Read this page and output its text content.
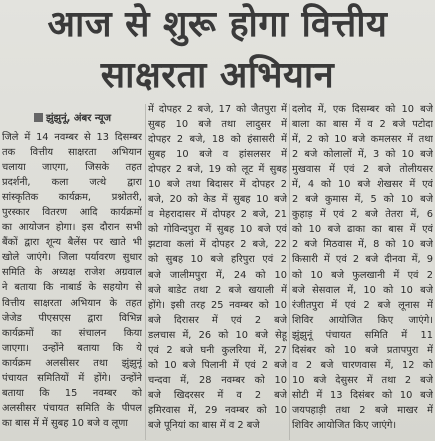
आज से शुरू होगा वित्तीय
साक्षरता अभियान
झुंझुनूं, अंबर न्यूज
जिले में 14 नवम्बर से 13 दिसम्बर
तक वित्तीय साक्षरता अभियान
चलाया जाएगा, जिसके तहत
प्रदर्शनी, कला जत्थे द्वारा
सांस्कृतिक कार्यक्रम, प्रश्नोतरी,
पुरस्कार वितरण आदि कार्यक्रमों
का आयोजन होगा। इस दौरान सभी
बैंकों द्वारा शून्य बैलेंस पर खाते भी
खोले जाएंगे। जिला पर्यावरण सुधार
समिति के अध्यक्ष राजेश अग्रवाल
ने बताया कि नाबार्ड के सहयोग से
वित्तीय साक्षरता अभियान के तहत
जेजेड पीएसएस द्वारा विभिन्न
कार्यक्रमों का संचालन किया
जाएगा। उन्होंने बताया कि ये
कार्यक्रम अलसीसर तथा झुंझुनूं
पंचायत समितियों में होंगे। उन्होंने
बताया कि 15 नवम्बर को
अलसीसर पंचायत समिति के पीपल
का बास में में सुबह 10 बजे व लूणा
में दोपहर 2 बजे, 17 को जैतपुरा में
सुबह 10 बजे तथा लादुसर में
दोपहर 2 बजे, 18 को हंसासरी में
सुबह 10 बजे व हांसलसर में
दोपहर 2 बजे, 19 को लूट में सुबह
10 बजे तथा बिदासर में दोपहर 2
बजे, 20 को केड में सुबह 10 बजे
व मेहरादासर में दोपहर 2 बजे, 21
को गोविन्दपुरा में सुबह 10 बजे एवं
झटावा कलां में दोपहर 2 बजे, 22
को सुबह 10 बजे हरिपुरा एवं 2
बजे जालीमपुरा में, 24 को 10
बजे बाडेट तथा 2 बजे खयाली में
होंगे। इसी तरह 25 नवम्बर को 10
बजे दिरासर में एवं 2 बजे
डलचास में, 26 को 10 बजे सेहू
एवं 2 बजे घनी कुलरिया में, 27
को 10 बजे पिलानी में एवं 2 बजे
चन्दवा में, 28 नवम्बर को 10
बजे खिदरसर में व 2 बजे
हमिरवास में, 29 नवम्बर को 10
बजे पूनियां का बास में व 2 बजे
दलोद में, एक दिसम्बर को 10 बजे
बाला का बास में व 2 बजे पटोदा
में, 2 को 10 बजे कमलसर में तथा
2 बजे कोलालों में, 3 को 10 बजे
मुखवास में एवं 2 बजे तोलीयसर
में, 4 को 10 बजे शेखसर में एवं
2 बजे कुमास में, 5 को 10 बजे
कुहाड़ में एवं 2 बजे तेतरा में, 6
को 10 बजे ढाका का बास में एवं
2 बजे मिठवास में, 8 को 10 बजे
किसारी में एवं 2 बजे दीनवा में, 9
को 10 बजे फुलखानी में एवं 2
बजे सेसवाल में, 10 को 10 बजे
रंजीतपुरा में एवं 2 बजे लूनास में
शिविर आयोजित किए जाएंगे।
झुंझुनूं पंचायत समिति में 11
दिसंबर को 10 बजे प्रतापपुरा में
व 2 बजे चारणवास में, 12 को
10 बजे देसुसर में तथा 2 बजे
सोटी में 13 दिसंबर को 10 बजे
जयपहाड़ी तथा 2 बजे माखर में
शिविर आयोजित किए जाएंगे।
